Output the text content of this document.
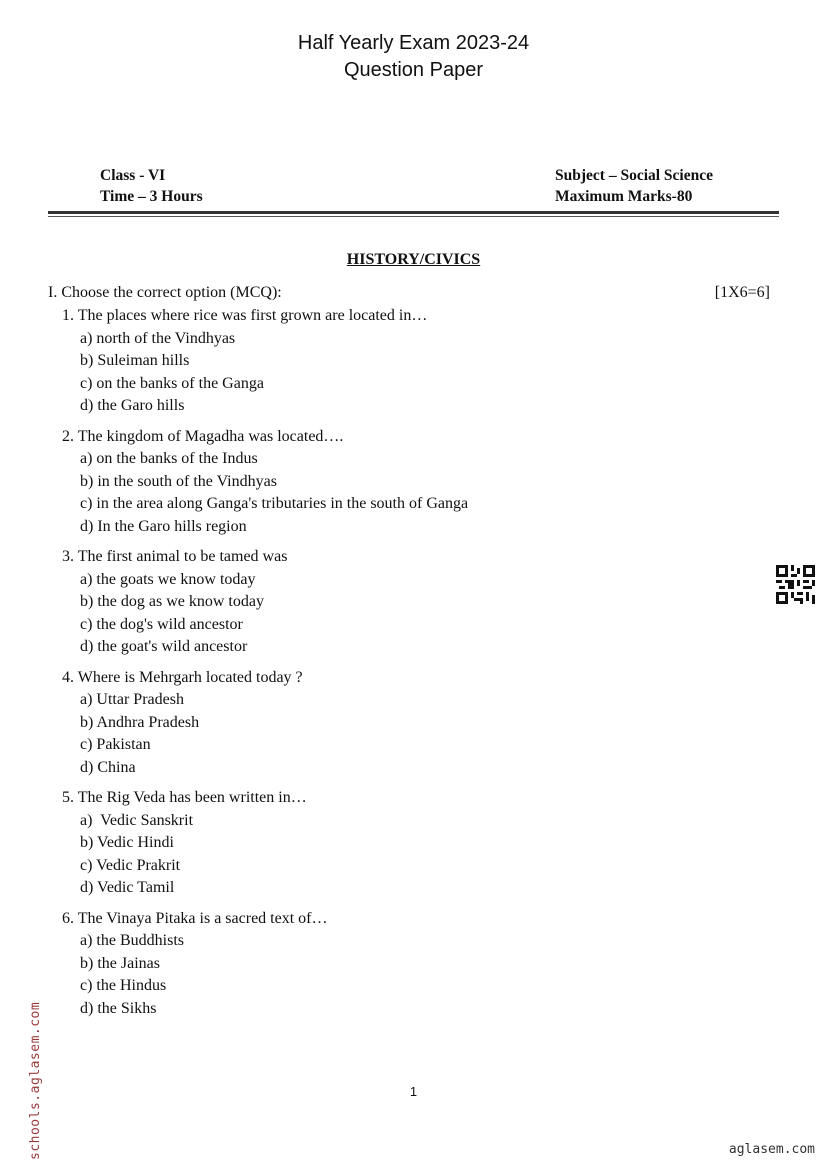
Half Yearly Exam 2023-24
Question Paper
Class - VI
Time – 3 Hours
Subject – Social Science
Maximum Marks-80
HISTORY/CIVICS
I. Choose the correct option (MCQ):	[1X6=6]
1. The places where rice was first grown are located in…
a) north of the Vindhyas
b) Suleiman hills
c) on the banks of the Ganga
d) the Garo hills
2. The kingdom of Magadha was located….
a) on the banks of the Indus
b) in the south of the Vindhyas
c) in the area along Ganga's tributaries in the south of Ganga
d) In the Garo hills region
3. The first animal to be tamed was
a) the goats we know today
b) the dog as we know today
c) the dog's wild ancestor
d) the goat's wild ancestor
4. Where is Mehrgarh located today ?
a) Uttar Pradesh
b) Andhra Pradesh
c) Pakistan
d) China
5. The Rig Veda has been written in…
a)  Vedic Sanskrit
b) Vedic Hindi
c) Vedic Prakrit
d) Vedic Tamil
6. The Vinaya Pitaka is a sacred text of…
a) the Buddhists
b) the Jainas
c) the Hindus
d) the Sikhs
1
schools.aglasem.com	aglasem.com
